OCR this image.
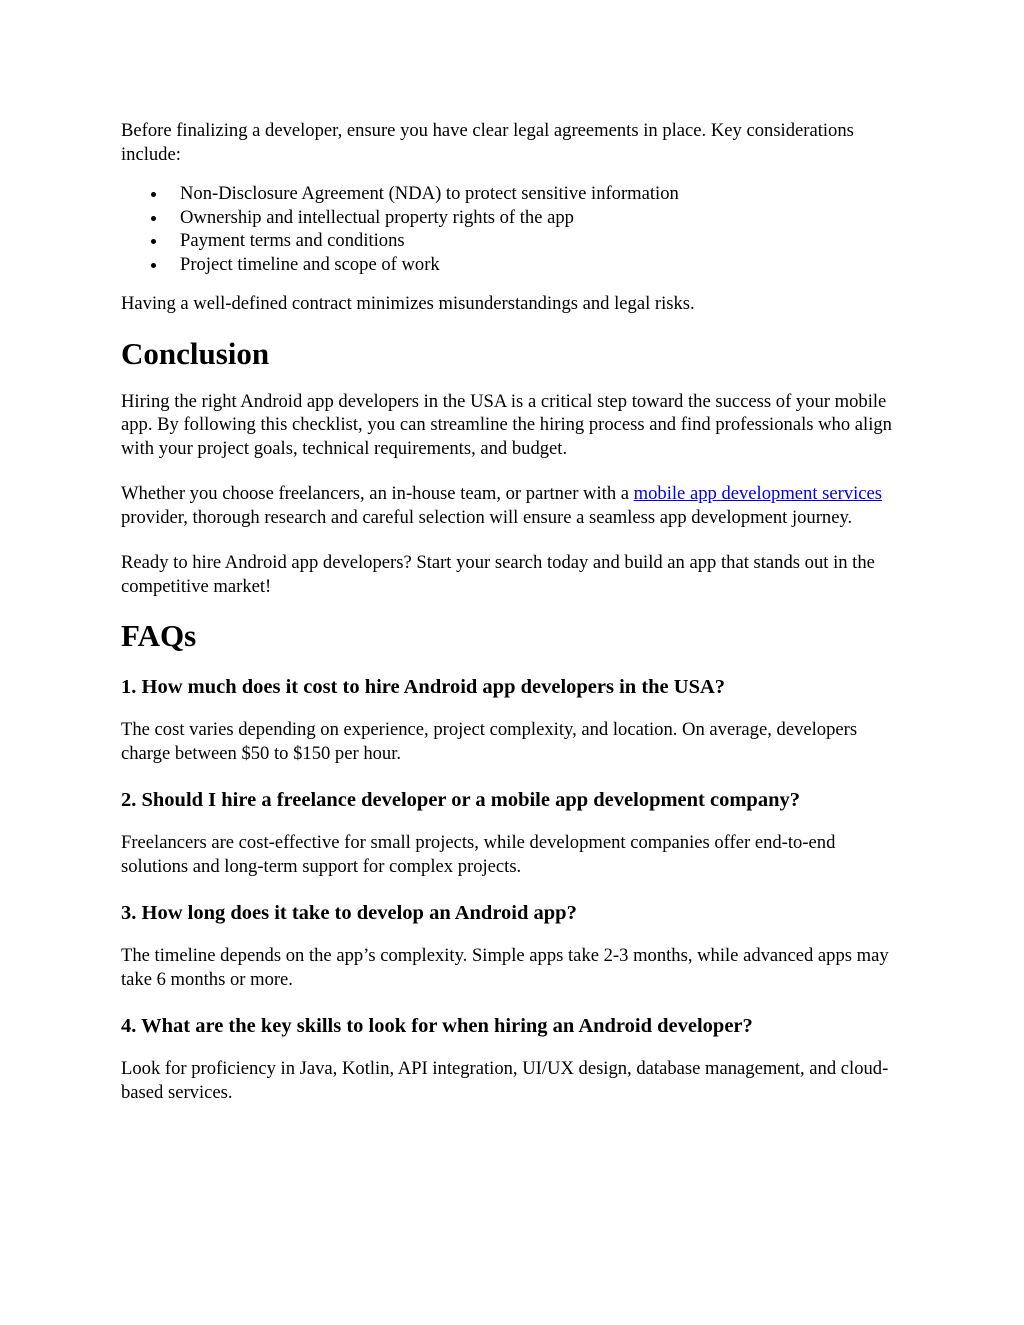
Before finalizing a developer, ensure you have clear legal agreements in place. Key considerations include:

Non-Disclosure Agreement (NDA) to protect sensitive information
Ownership and intellectual property rights of the app
Payment terms and conditions
Project timeline and scope of work

Having a well-defined contract minimizes misunderstandings and legal risks.

Conclusion

Hiring the right Android app developers in the USA is a critical step toward the success of your mobile app. By following this checklist, you can streamline the hiring process and find professionals who align with your project goals, technical requirements, and budget.

Whether you choose freelancers, an in-house team, or partner with a mobile app development services provider, thorough research and careful selection will ensure a seamless app development journey.

Ready to hire Android app developers? Start your search today and build an app that stands out in the competitive market!

FAQs
1. How much does it cost to hire Android app developers in the USA?

The cost varies depending on experience, project complexity, and location. On average, developers charge between $50 to $150 per hour.

2. Should I hire a freelance developer or a mobile app development company?

Freelancers are cost-effective for small projects, while development companies offer end-to-end solutions and long-term support for complex projects.

3. How long does it take to develop an Android app?

The timeline depends on the app’s complexity. Simple apps take 2-3 months, while advanced apps may take 6 months or more.

4. What are the key skills to look for when hiring an Android developer?

Look for proficiency in Java, Kotlin, API integration, UI/UX design, database management, and cloud-based services.
